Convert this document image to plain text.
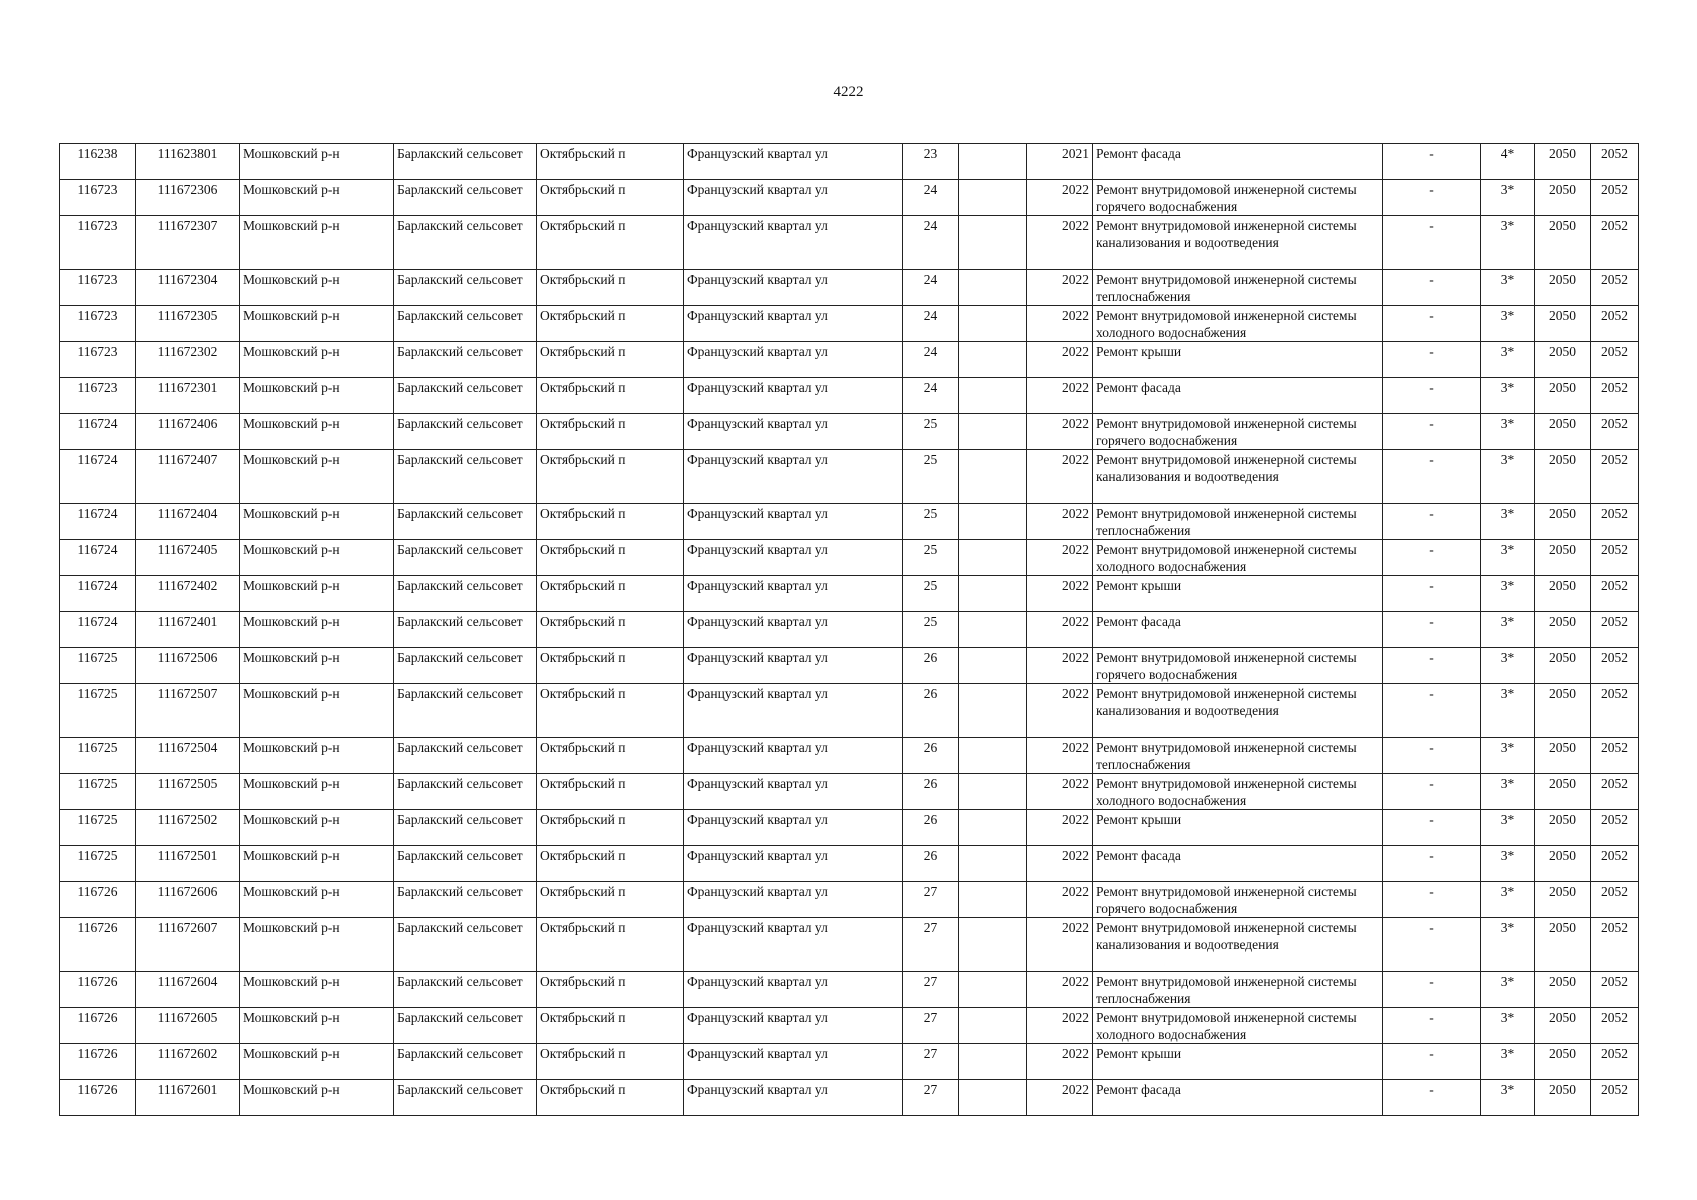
4222
116238	111623801	Мошковский р-н	Барлакский сельсовет	Октябрьский п	Французский квартал ул	23		2021	Ремонт фасада	-	4*	2050	2052
116723	111672306	Мошковский р-н	Барлакский сельсовет	Октябрьский п	Французский квартал ул	24		2022	Ремонт внутридомовой инженерной системы горячего водоснабжения	-	3*	2050	2052
116723	111672307	Мошковский р-н	Барлакский сельсовет	Октябрьский п	Французский квартал ул	24		2022	Ремонт внутридомовой инженерной системы канализования и водоотведения	-	3*	2050	2052
116723	111672304	Мошковский р-н	Барлакский сельсовет	Октябрьский п	Французский квартал ул	24		2022	Ремонт внутридомовой инженерной системы теплоснабжения	-	3*	2050	2052
116723	111672305	Мошковский р-н	Барлакский сельсовет	Октябрьский п	Французский квартал ул	24		2022	Ремонт внутридомовой инженерной системы холодного водоснабжения	-	3*	2050	2052
116723	111672302	Мошковский р-н	Барлакский сельсовет	Октябрьский п	Французский квартал ул	24		2022	Ремонт крыши	-	3*	2050	2052
116723	111672301	Мошковский р-н	Барлакский сельсовет	Октябрьский п	Французский квартал ул	24		2022	Ремонт фасада	-	3*	2050	2052
116724	111672406	Мошковский р-н	Барлакский сельсовет	Октябрьский п	Французский квартал ул	25		2022	Ремонт внутридомовой инженерной системы горячего водоснабжения	-	3*	2050	2052
116724	111672407	Мошковский р-н	Барлакский сельсовет	Октябрьский п	Французский квартал ул	25		2022	Ремонт внутридомовой инженерной системы канализования и водоотведения	-	3*	2050	2052
116724	111672404	Мошковский р-н	Барлакский сельсовет	Октябрьский п	Французский квартал ул	25		2022	Ремонт внутридомовой инженерной системы теплоснабжения	-	3*	2050	2052
116724	111672405	Мошковский р-н	Барлакский сельсовет	Октябрьский п	Французский квартал ул	25		2022	Ремонт внутридомовой инженерной системы холодного водоснабжения	-	3*	2050	2052
116724	111672402	Мошковский р-н	Барлакский сельсовет	Октябрьский п	Французский квартал ул	25		2022	Ремонт крыши	-	3*	2050	2052
116724	111672401	Мошковский р-н	Барлакский сельсовет	Октябрьский п	Французский квартал ул	25		2022	Ремонт фасада	-	3*	2050	2052
116725	111672506	Мошковский р-н	Барлакский сельсовет	Октябрьский п	Французский квартал ул	26		2022	Ремонт внутридомовой инженерной системы горячего водоснабжения	-	3*	2050	2052
116725	111672507	Мошковский р-н	Барлакский сельсовет	Октябрьский п	Французский квартал ул	26		2022	Ремонт внутридомовой инженерной системы канализования и водоотведения	-	3*	2050	2052
116725	111672504	Мошковский р-н	Барлакский сельсовет	Октябрьский п	Французский квартал ул	26		2022	Ремонт внутридомовой инженерной системы теплоснабжения	-	3*	2050	2052
116725	111672505	Мошковский р-н	Барлакский сельсовет	Октябрьский п	Французский квартал ул	26		2022	Ремонт внутридомовой инженерной системы холодного водоснабжения	-	3*	2050	2052
116725	111672502	Мошковский р-н	Барлакский сельсовет	Октябрьский п	Французский квартал ул	26		2022	Ремонт крыши	-	3*	2050	2052
116725	111672501	Мошковский р-н	Барлакский сельсовет	Октябрьский п	Французский квартал ул	26		2022	Ремонт фасада	-	3*	2050	2052
116726	111672606	Мошковский р-н	Барлакский сельсовет	Октябрьский п	Французский квартал ул	27		2022	Ремонт внутридомовой инженерной системы горячего водоснабжения	-	3*	2050	2052
116726	111672607	Мошковский р-н	Барлакский сельсовет	Октябрьский п	Французский квартал ул	27		2022	Ремонт внутридомовой инженерной системы канализования и водоотведения	-	3*	2050	2052
116726	111672604	Мошковский р-н	Барлакский сельсовет	Октябрьский п	Французский квартал ул	27		2022	Ремонт внутридомовой инженерной системы теплоснабжения	-	3*	2050	2052
116726	111672605	Мошковский р-н	Барлакский сельсовет	Октябрьский п	Французский квартал ул	27		2022	Ремонт внутридомовой инженерной системы холодного водоснабжения	-	3*	2050	2052
116726	111672602	Мошковский р-н	Барлакский сельсовет	Октябрьский п	Французский квартал ул	27		2022	Ремонт крыши	-	3*	2050	2052
116726	111672601	Мошковский р-н	Барлакский сельсовет	Октябрьский п	Французский квартал ул	27		2022	Ремонт фасада	-	3*	2050	2052
